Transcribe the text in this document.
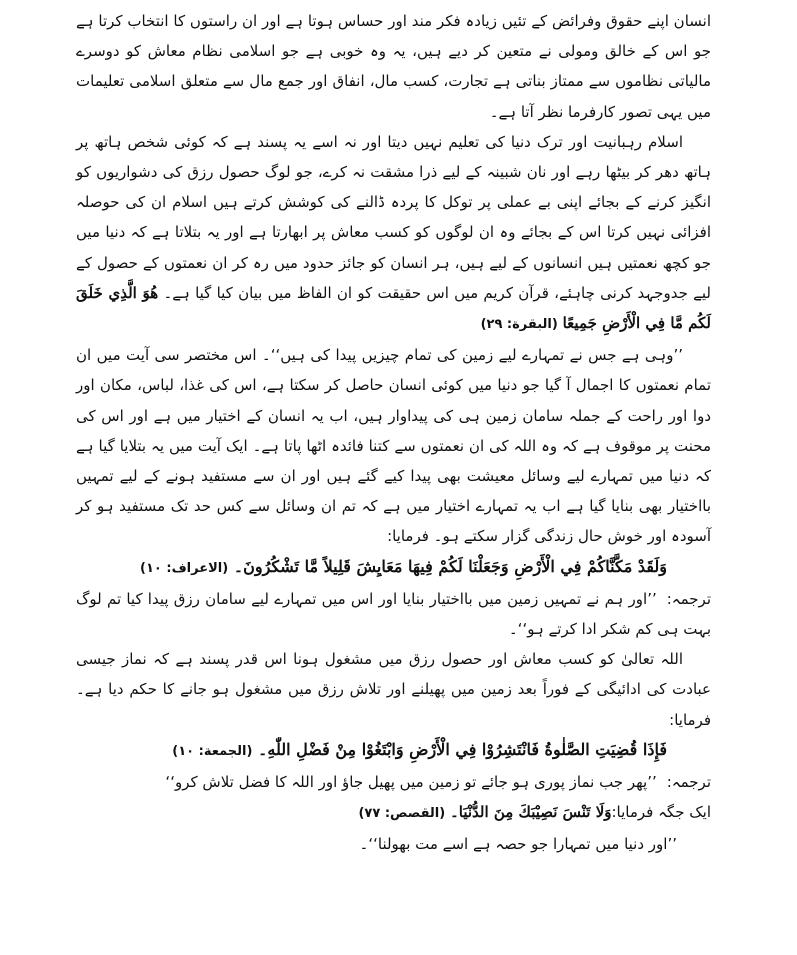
انسان اپنے حقوق وفرائض کے تئیں زیادہ فکر مند اور حساس ہوتا ہے اور ان راستوں کا انتخاب کرتا ہے جو اس کے خالق ومولی نے متعین کر دیے ہیں، یہ وہ خوبی ہے جو اسلامی نظام معاش کو دوسرے مالیاتی نظاموں سے ممتاز بناتی ہے تجارت، کسب مال، انفاق اور جمع مال سے متعلق اسلامی تعلیمات میں یہی تصور کارفرما نظر آتا ہے۔

اسلام رہبانیت اور ترک دنیا کی تعلیم نہیں دیتا اور نہ اسے یہ پسند ہے کہ کوئی شخص ہاتھ پر ہاتھ دھر کر بیٹھا رہے اور نان شبینہ کے لیے ذرا مشقت نہ کرے، جو لوگ حصول رزق کی دشواریوں کو انگیز کرنے کے بجائے اپنی بے عملی پر توکل کا پردہ ڈالنے کی کوشش کرتے ہیں اسلام ان کی حوصلہ افزائی نہیں کرتا اس کے بجائے وہ ان لوگوں کو کسب معاش پر ابھارتا ہے اور یہ بتلاتا ہے کہ دنیا میں جو کچھ نعمتیں ہیں انسانوں کے لیے ہیں، ہر انسان کو جائز حدود میں رہ کر ان نعمتوں کے حصول کے لیے جدوجہد کرنی چاہئے، قرآن کریم میں اس حقیقت کو ان الفاظ میں بیان کیا گیا ہے۔ هُوَ الَّذِي خَلَقَ لَكُم مَّا فِي الْأَرْضِ جَمِيعًا (البقرة: ۲۹)

’’وہی ہے جس نے تمہارے لیے زمین کی تمام چیزیں پیدا کی ہیں‘‘۔ اس مختصر سی آیت میں ان تمام نعمتوں کا اجمال آ گیا جو دنیا میں کوئی انسان حاصل کر سکتا ہے، اس کی غذا، لباس، مکان اور دوا اور راحت کے جملہ سامان زمین ہی کی پیداوار ہیں، اب یہ انسان کے اختیار میں ہے اور اس کی محنت پر موقوف ہے کہ وہ اللہ کی ان نعمتوں سے کتنا فائدہ اٹھا پاتا ہے۔ ایک آیت میں یہ بتلایا گیا ہے کہ دنیا میں تمہارے لیے وسائل معیشت بھی پیدا کیے گئے ہیں اور ان سے مستفید ہونے کے لیے تمہیں بااختیار بھی بنایا گیا ہے اب یہ تمہارے اختیار میں ہے کہ تم ان وسائل سے کس حد تک مستفید ہو کر آسودہ اور خوش حال زندگی گزار سکتے ہو۔ فرمایا:

وَلَقَدْ مَكَّنَّاكُمْ فِي الْأَرْضِ وَجَعَلْنَا لَكُمْ فِيهَا مَعَايِشَ قَلِيلاً مَّا تَشْكُرُونَ۔ (الاعراف: ۱۰)

ترجمہ:’’اور ہم نے تمہیں زمین میں بااختیار بنایا اور اس میں تمہارے لیے سامان رزق پیدا کیا تم لوگ بہت ہی کم شکر ادا کرتے ہو‘‘۔

اللہ تعالیٰ کو کسب معاش اور حصول رزق میں مشغول ہونا اس قدر پسند ہے کہ نماز جیسی عبادت کی ادائیگی کے فوراً بعد زمین میں پھیلنے اور تلاش رزق میں مشغول ہو جانے کا حکم دیا ہے۔ فرمایا:

فَإِذَا قُضِيَتِ الصَّلٰوةُ فَانْتَشِرُوْا فِي الْأَرْضِ وَابْتَغُوْا مِنْ فَضْلِ اللّٰهِ۔ (الجمعة: ۱۰)

ترجمہ:’’پھر جب نماز پوری ہو جائے تو زمین میں پھیل جاؤ اور اللہ کا فضل تلاش کرو‘‘

ایک جگہ فرمایا:وَلَا تَنْسَ نَصِيْبَكَ مِنَ الدُّنْيَا۔ (القصص: ۷۷)

’’اور دنیا میں تمہارا جو حصہ ہے اسے مت بھولنا‘‘۔
